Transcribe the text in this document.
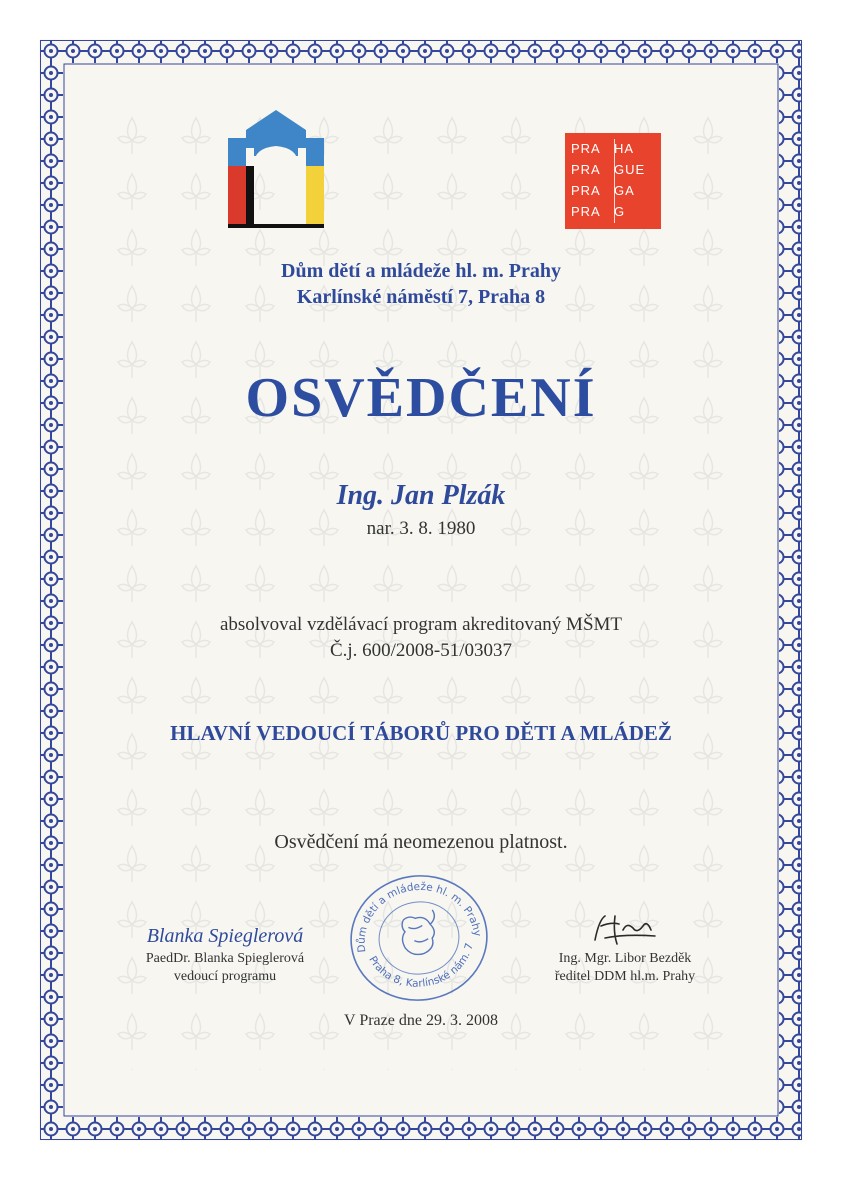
PRA	HA
PRA	GUE
PRA	GA
PRA	G
Dům dětí a mládeže hl. m. Prahy
Karlínské náměstí 7, Praha 8
OSVĚDČENÍ
Ing. Jan Plzák
nar. 3. 8. 1980
absolvoval vzdělávací program akreditovaný MŠMT
Č.j. 600/2008-51/03037
HLAVNÍ VEDOUCÍ TÁBORŮ PRO DĚTI A MLÁDEŽ
Osvědčení má neomezenou platnost.
Dům dětí a mládeže hl. m. Prahy
Praha 8, Karlínské nám. 7
Blanka Spieglerová
PaedDr. Blanka Spieglerová
vedoucí programu
Ing. Mgr. Libor Bezděk
ředitel DDM hl.m. Prahy
V Praze dne 29. 3. 2008
